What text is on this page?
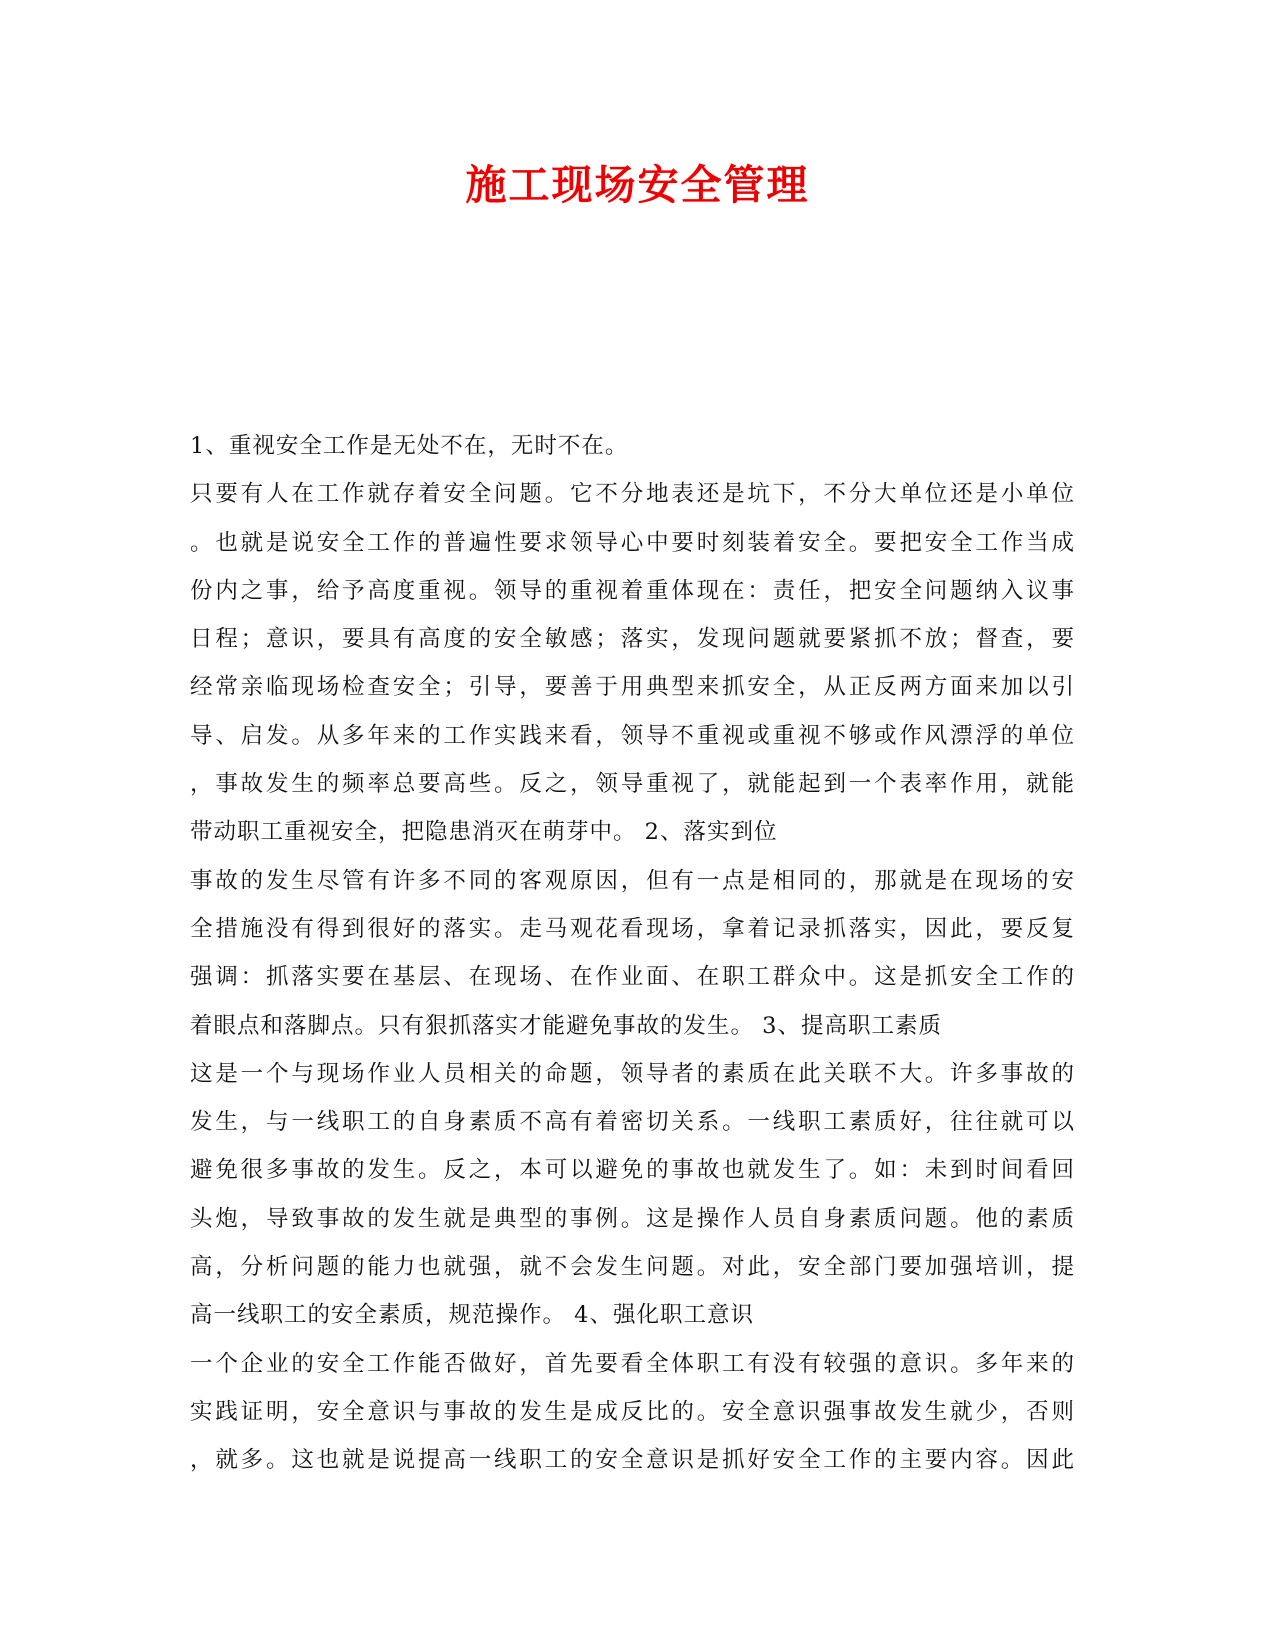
施工现场安全管理
1、重视安全工作是无处不在，无时不在。
只要有人在工作就存着安全问题。它不分地表还是坑下，不分大单位还是小单位
。也就是说安全工作的普遍性要求领导心中要时刻装着安全。要把安全工作当成
份内之事，给予高度重视。领导的重视着重体现在：责任，把安全问题纳入议事
日程；意识，要具有高度的安全敏感；落实，发现问题就要紧抓不放；督查，要
经常亲临现场检查安全；引导，要善于用典型来抓安全，从正反两方面来加以引
导、启发。从多年来的工作实践来看，领导不重视或重视不够或作风漂浮的单位
，事故发生的频率总要高些。反之，领导重视了，就能起到一个表率作用，就能
带动职工重视安全，把隐患消灭在萌芽中。 2、落实到位
事故的发生尽管有许多不同的客观原因，但有一点是相同的，那就是在现场的安
全措施没有得到很好的落实。走马观花看现场，拿着记录抓落实，因此，要反复
强调：抓落实要在基层、在现场、在作业面、在职工群众中。这是抓安全工作的
着眼点和落脚点。只有狠抓落实才能避免事故的发生。 3、提高职工素质
这是一个与现场作业人员相关的命题，领导者的素质在此关联不大。许多事故的
发生，与一线职工的自身素质不高有着密切关系。一线职工素质好，往往就可以
避免很多事故的发生。反之，本可以避免的事故也就发生了。如：未到时间看回
头炮，导致事故的发生就是典型的事例。这是操作人员自身素质问题。他的素质
高，分析问题的能力也就强，就不会发生问题。对此，安全部门要加强培训，提
高一线职工的安全素质，规范操作。 4、强化职工意识
一个企业的安全工作能否做好，首先要看全体职工有没有较强的意识。多年来的
实践证明，安全意识与事故的发生是成反比的。安全意识强事故发生就少，否则
，就多。这也就是说提高一线职工的安全意识是抓好安全工作的主要内容。因此
